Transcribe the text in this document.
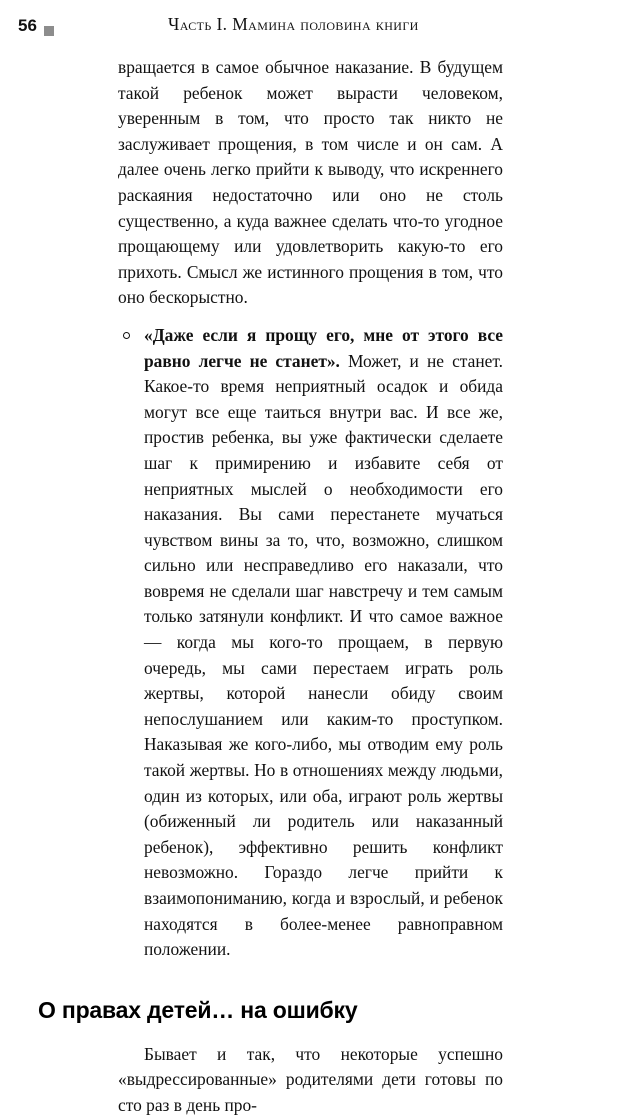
56	Часть I. Мамина половина книги

вращается в самое обычное наказание. В будущем такой ребенок может вырасти человеком, уверенным в том, что просто так никто не заслуживает прощения, в том числе и он сам. А далее очень легко прийти к выводу, что искреннего раскаяния недостаточно или оно не столь существенно, а куда важнее сделать что-то угодное прощающему или удовлетворить какую-то его прихоть. Смысл же истинного прощения в том, что оно бескорыстно.

«Даже если я прощу его, мне от этого все равно легче не станет». Может, и не станет. Какое-то время неприятный осадок и обида могут все еще таиться внутри вас. И все же, простив ребенка, вы уже фактически сделаете шаг к примирению и избавите себя от неприятных мыслей о необходимости его наказания. Вы сами перестанете мучаться чувством вины за то, что, возможно, слишком сильно или несправедливо его наказали, что вовремя не сделали шаг навстречу и тем самым только затянули конфликт. И что самое важное — когда мы кого-то прощаем, в первую очередь, мы сами перестаем играть роль жертвы, которой нанесли обиду своим непослушанием или каким-то проступком. Наказывая же кого-либо, мы отводим ему роль такой жертвы. Но в отношениях между людьми, один из которых, или оба, играют роль жертвы (обиженный ли родитель или наказанный ребенок), эффективно решить конфликт невозможно. Гораздо легче прийти к взаимопониманию, когда и взрослый, и ребенок находятся в более-менее равноправном положении.

О правах детей… на ошибку

Бывает и так, что некоторые успешно «выдрессированные» родителями дети готовы по сто раз в день про-
